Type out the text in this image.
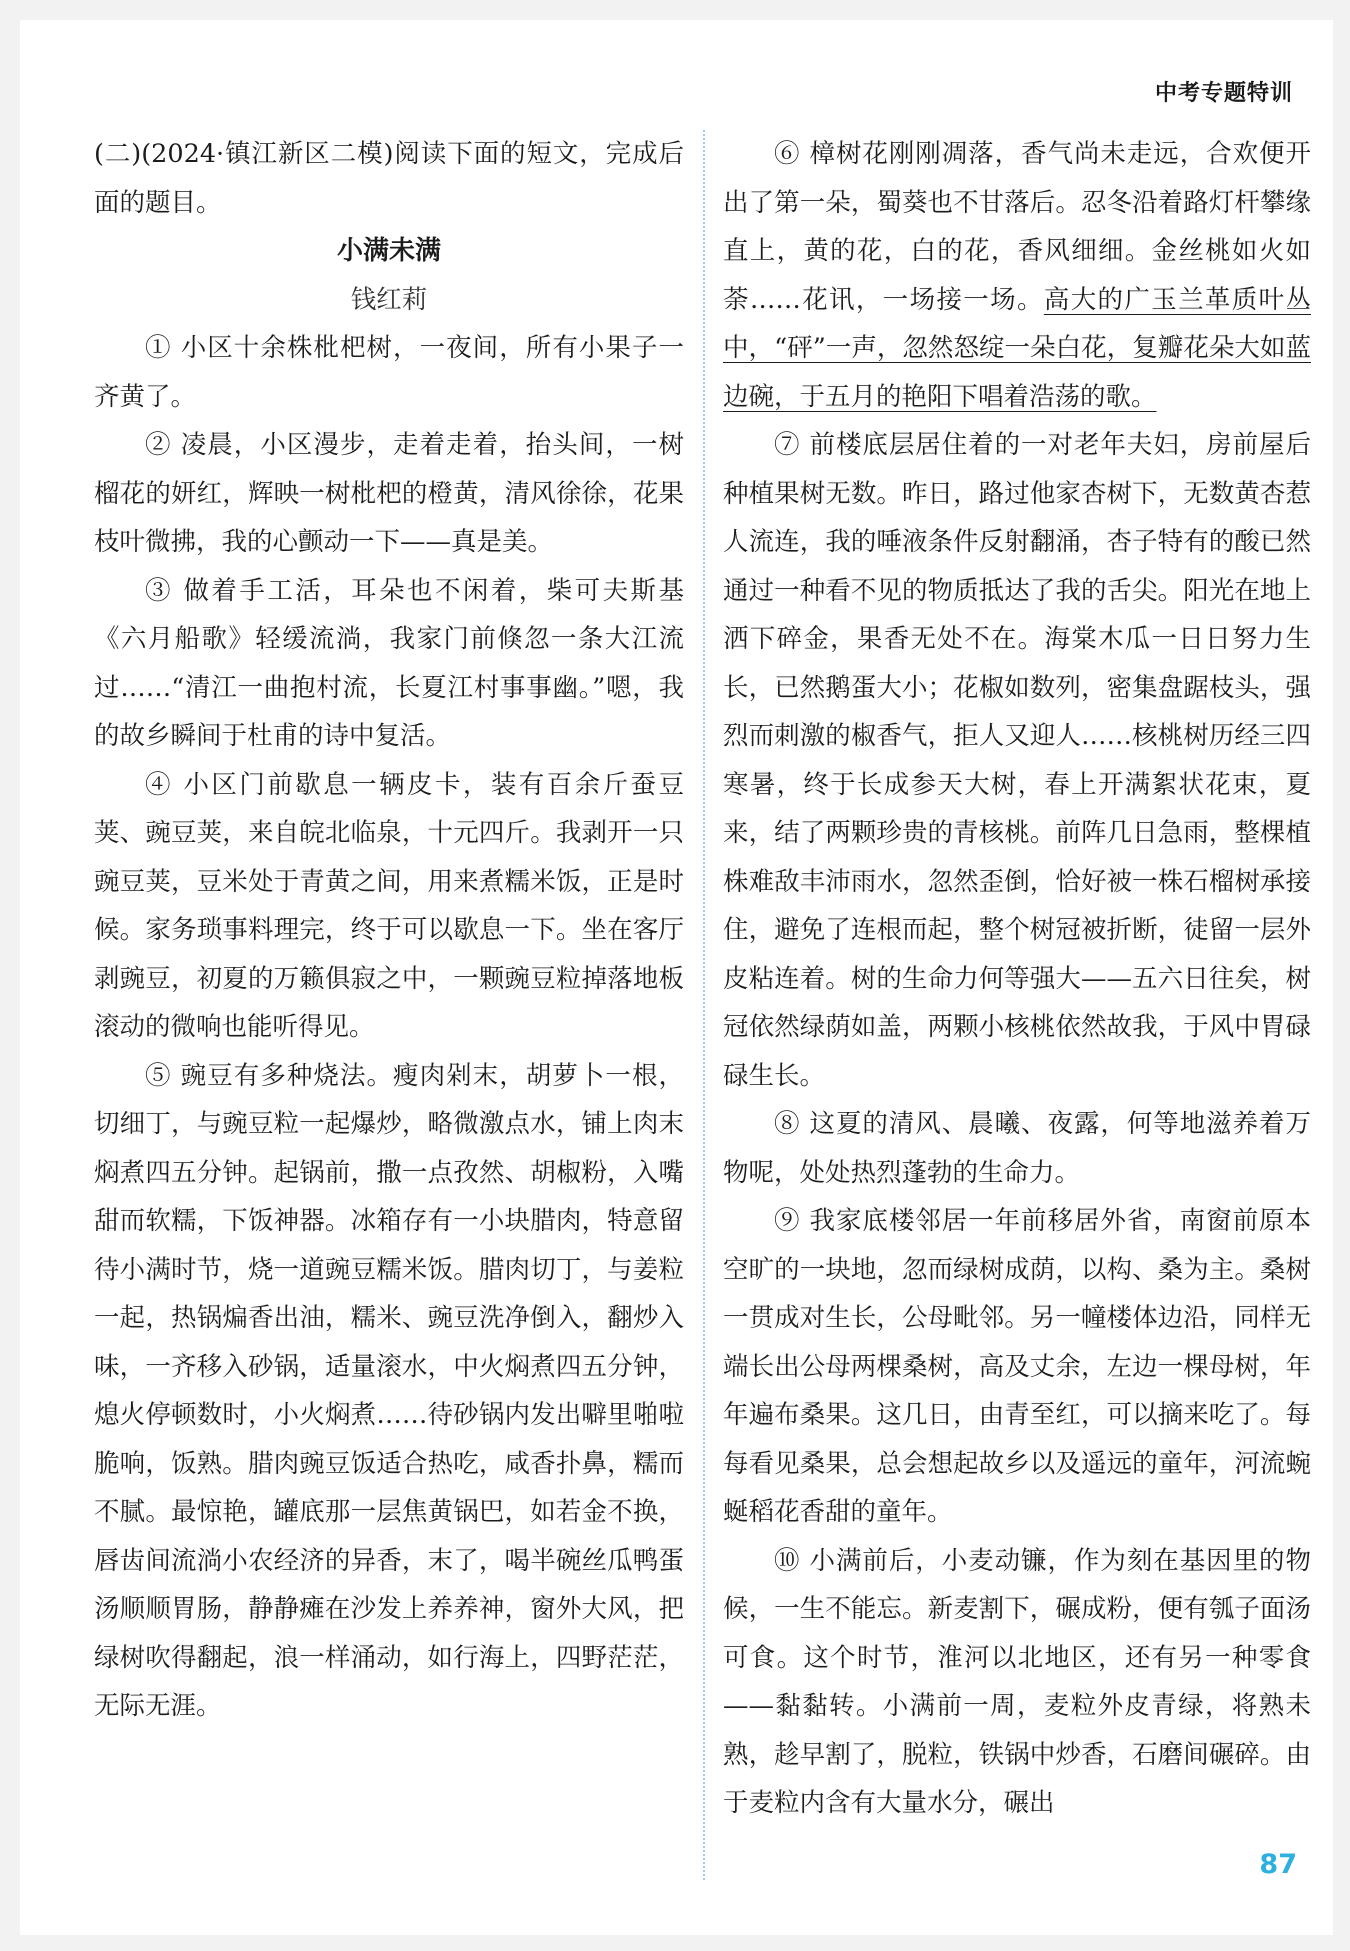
中考专题特训

(二)(2024·镇江新区二模)阅读下面的短文，完成后面的题目。

小满未满

钱红莉

① 小区十余株枇杷树，一夜间，所有小果子一齐黄了。

② 凌晨，小区漫步，走着走着，抬头间，一树榴花的妍红，辉映一树枇杷的橙黄，清风徐徐，花果枝叶微拂，我的心颤动一下——真是美。

③ 做着手工活，耳朵也不闲着，柴可夫斯基《六月船歌》轻缓流淌，我家门前倏忽一条大江流过……“清江一曲抱村流，长夏江村事事幽。”嗯，我的故乡瞬间于杜甫的诗中复活。

④ 小区门前歇息一辆皮卡，装有百余斤蚕豆荚、豌豆荚，来自皖北临泉，十元四斤。我剥开一只豌豆荚，豆米处于青黄之间，用来煮糯米饭，正是时候。家务琐事料理完，终于可以歇息一下。坐在客厅剥豌豆，初夏的万籁俱寂之中，一颗豌豆粒掉落地板滚动的微响也能听得见。

⑤ 豌豆有多种烧法。瘦肉剁末，胡萝卜一根，切细丁，与豌豆粒一起爆炒，略微激点水，铺上肉末焖煮四五分钟。起锅前，撒一点孜然、胡椒粉，入嘴甜而软糯，下饭神器。冰箱存有一小块腊肉，特意留待小满时节，烧一道豌豆糯米饭。腊肉切丁，与姜粒一起，热锅煸香出油，糯米、豌豆洗净倒入，翻炒入味，一齐移入砂锅，适量滚水，中火焖煮四五分钟，熄火停顿数时，小火焖煮……待砂锅内发出噼里啪啦脆响，饭熟。腊肉豌豆饭适合热吃，咸香扑鼻，糯而不腻。最惊艳，罐底那一层焦黄锅巴，如若金不换，唇齿间流淌小农经济的异香，末了，喝半碗丝瓜鸭蛋汤顺顺胃肠，静静瘫在沙发上养养神，窗外大风，把绿树吹得翻起，浪一样涌动，如行海上，四野茫茫，无际无涯。

⑥ 樟树花刚刚凋落，香气尚未走远，合欢便开出了第一朵，蜀葵也不甘落后。忍冬沿着路灯杆攀缘直上，黄的花，白的花，香风细细。金丝桃如火如荼……花讯，一场接一场。高大的广玉兰革质叶丛中，“砰”一声，忽然怒绽一朵白花，复瓣花朵大如蓝边碗，于五月的艳阳下唱着浩荡的歌。

⑦ 前楼底层居住着的一对老年夫妇，房前屋后种植果树无数。昨日，路过他家杏树下，无数黄杏惹人流连，我的唾液条件反射翻涌，杏子特有的酸已然通过一种看不见的物质抵达了我的舌尖。阳光在地上洒下碎金，果香无处不在。海棠木瓜一日日努力生长，已然鹅蛋大小；花椒如数列，密集盘踞枝头，强烈而刺激的椒香气，拒人又迎人……核桃树历经三四寒暑，终于长成参天大树，春上开满絮状花束，夏来，结了两颗珍贵的青核桃。前阵几日急雨，整棵植株难敌丰沛雨水，忽然歪倒，恰好被一株石榴树承接住，避免了连根而起，整个树冠被折断，徒留一层外皮粘连着。树的生命力何等强大——五六日往矣，树冠依然绿荫如盖，两颗小核桃依然故我，于风中胃碌碌生长。

⑧ 这夏的清风、晨曦、夜露，何等地滋养着万物呢，处处热烈蓬勃的生命力。

⑨ 我家底楼邻居一年前移居外省，南窗前原本空旷的一块地，忽而绿树成荫，以构、桑为主。桑树一贯成对生长，公母毗邻。另一幢楼体边沿，同样无端长出公母两棵桑树，高及丈余，左边一棵母树，年年遍布桑果。这几日，由青至红，可以摘来吃了。每每看见桑果，总会想起故乡以及遥远的童年，河流蜿蜒稻花香甜的童年。

⑩ 小满前后，小麦动镰，作为刻在基因里的物候，一生不能忘。新麦割下，碾成粉，便有瓠子面汤可食。这个时节，淮河以北地区，还有另一种零食——黏黏转。小满前一周，麦粒外皮青绿，将熟未熟，趁早割了，脱粒，铁锅中炒香，石磨间碾碎。由于麦粒内含有大量水分，碾出

87
